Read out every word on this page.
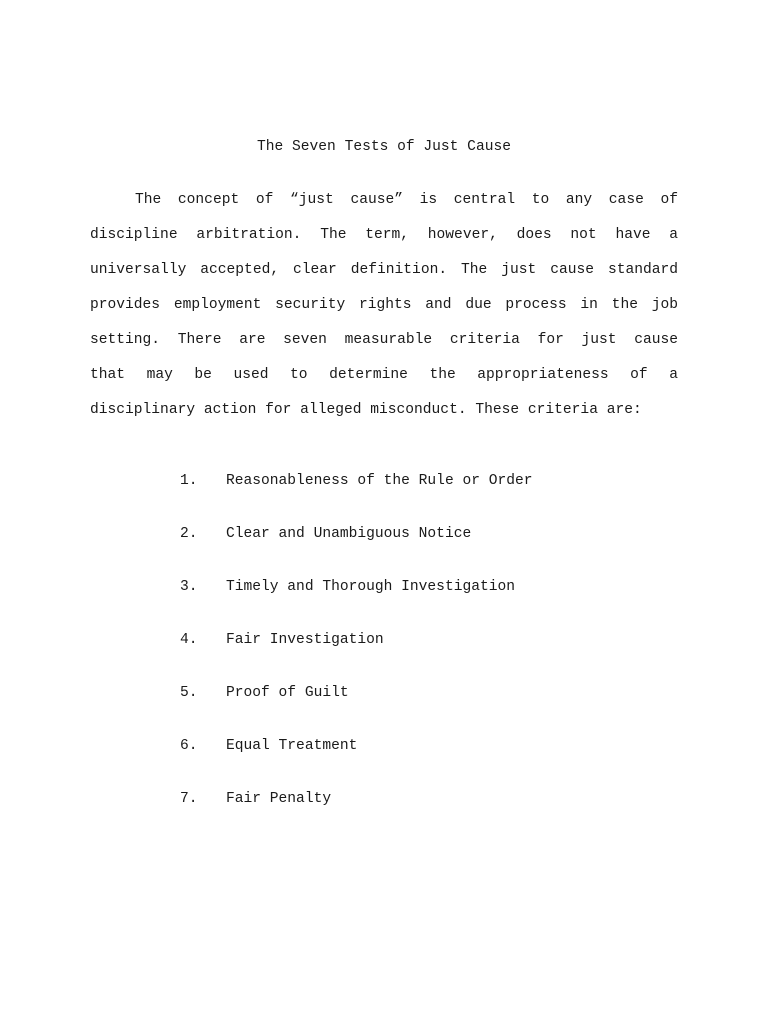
The Seven Tests of Just Cause
The concept of “just cause” is central to any case of
discipline arbitration. The term, however, does not have a
universally accepted, clear definition. The just cause standard
provides employment security rights and due process in the job
setting. There are seven measurable criteria for just cause
that may be used to determine the appropriateness of a
disciplinary action for alleged misconduct. These criteria are:
1. Reasonableness of the Rule or Order
2. Clear and Unambiguous Notice
3. Timely and Thorough Investigation
4. Fair Investigation
5. Proof of Guilt
6. Equal Treatment
7. Fair Penalty
